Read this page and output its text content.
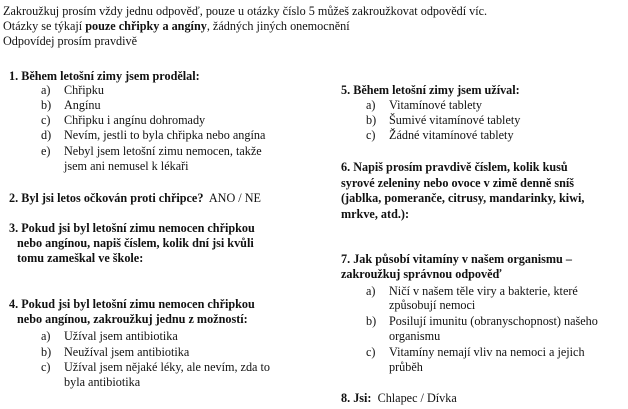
Zakroužkuj prosím vždy jednu odpověď, pouze u otázky číslo 5 můžeš zakroužkovat odpovědí víc.
Otázky se týkají pouze chřipky a angíny, žádných jiných onemocnění
Odpovídej prosím pravdivě
1. Během letošní zimy jsem prodělal:
a)	Chřipku
b)	Angínu
c)	Chřipku i angínu dohromady
d)	Nevím, jestli to byla chřipka nebo angína
e)	Nebyl jsem letošní zimu nemocen, takže
jsem ani nemusel k lékaři
2. Byl jsi letos očkován proti chřipce? ANO / NE
3. Pokud jsi byl letošní zimu nemocen chřipkou
nebo angínou, napiš číslem, kolik dní jsi kvůli
tomu zameškal ve škole:
4. Pokud jsi byl letošní zimu nemocen chřipkou
nebo angínou, zakroužkuj jednu z možností:
a)	Užíval jsem antibiotika
b)	Neužíval jsem antibiotika
c)	Užíval jsem nějaké léky, ale nevím, zda to
byla antibiotika
5. Během letošní zimy jsem užíval:
a)	Vitamínové tablety
b)	Šumivé vitamínové tablety
c)	Žádné vitamínové tablety
6. Napiš prosím pravdivě číslem, kolik kusů
syrové zeleniny nebo ovoce v zimě denně sníš
(jablka, pomeranče, citrusy, mandarinky, kiwi,
mrkve, atd.):
7. Jak působí vitamíny v našem organismu –
zakroužkuj správnou odpověď
a)	Ničí v našem těle viry a bakterie, které
způsobují nemoci
b)	Posilují imunitu (obranyschopnost) našeho
organismu
c)	Vitamíny nemají vliv na nemoci a jejich
průběh
8. Jsi: Chlapec / Dívka
